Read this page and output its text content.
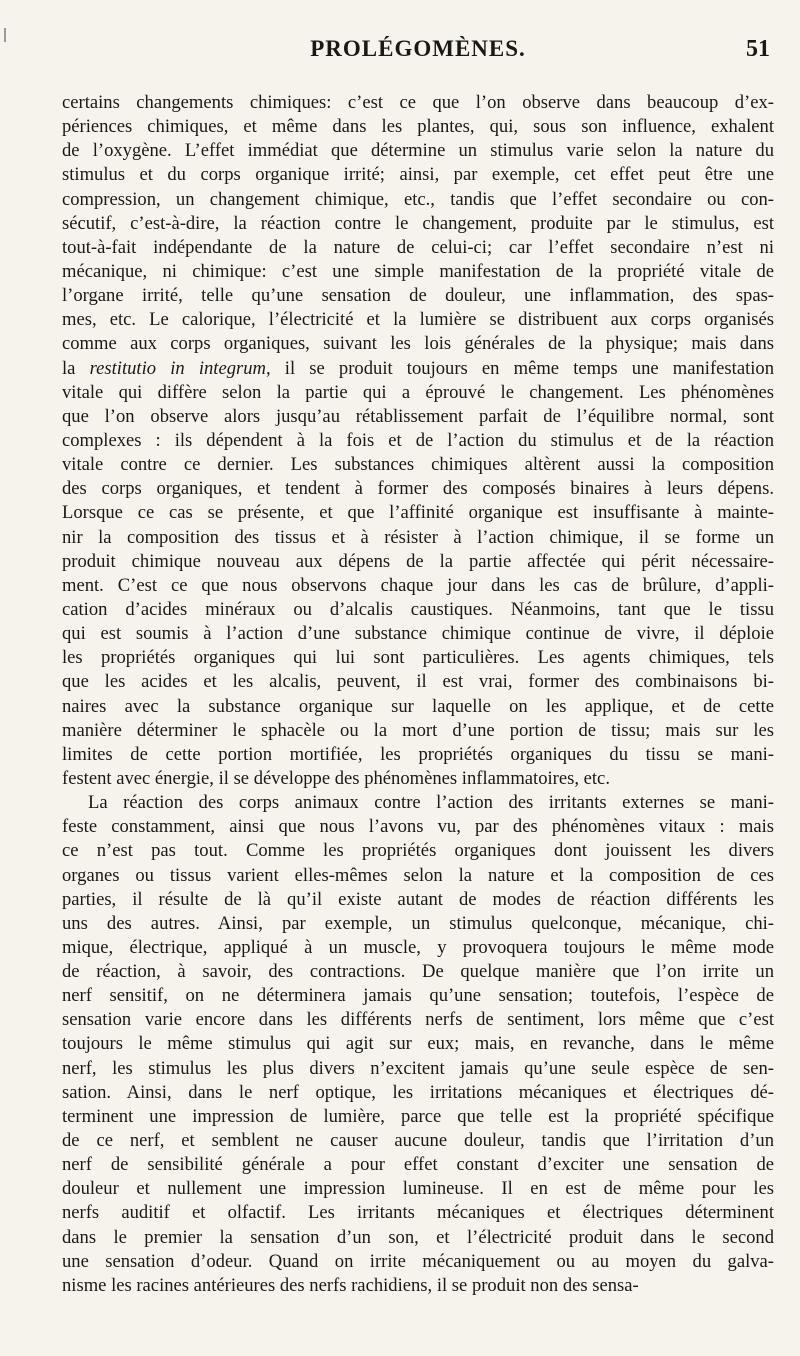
PROLÉGOMÈNES.	51
certains changements chimiques: c’est ce que l’on observe dans beaucoup d’ex-
périences chimiques, et même dans les plantes, qui, sous son influence, exhalent
de l’oxygène. L’effet immédiat que détermine un stimulus varie selon la nature du
stimulus et du corps organique irrité; ainsi, par exemple, cet effet peut être une
compression, un changement chimique, etc., tandis que l’effet secondaire ou con-
sécutif, c’est-à-dire, la réaction contre le changement, produite par le stimulus, est
tout-à-fait indépendante de la nature de celui-ci; car l’effet secondaire n’est ni
mécanique, ni chimique: c’est une simple manifestation de la propriété vitale de
l’organe irrité, telle qu’une sensation de douleur, une inflammation, des spas-
mes, etc. Le calorique, l’électricité et la lumière se distribuent aux corps organisés
comme aux corps organiques, suivant les lois générales de la physique; mais dans
la restitutio in integrum, il se produit toujours en même temps une manifestation
vitale qui diffère selon la partie qui a éprouvé le changement. Les phénomènes
que l’on observe alors jusqu’au rétablissement parfait de l’équilibre normal, sont
complexes : ils dépendent à la fois et de l’action du stimulus et de la réaction
vitale contre ce dernier. Les substances chimiques altèrent aussi la composition
des corps organiques, et tendent à former des composés binaires à leurs dépens.
Lorsque ce cas se présente, et que l’affinité organique est insuffisante à mainte-
nir la composition des tissus et à résister à l’action chimique, il se forme un
produit chimique nouveau aux dépens de la partie affectée qui périt nécessaire-
ment. C’est ce que nous observons chaque jour dans les cas de brûlure, d’appli-
cation d’acides minéraux ou d’alcalis caustiques. Néanmoins, tant que le tissu
qui est soumis à l’action d’une substance chimique continue de vivre, il déploie
les propriétés organiques qui lui sont particulières. Les agents chimiques, tels
que les acides et les alcalis, peuvent, il est vrai, former des combinaisons bi-
naires avec la substance organique sur laquelle on les applique, et de cette
manière déterminer le sphacèle ou la mort d’une portion de tissu; mais sur les
limites de cette portion mortifiée, les propriétés organiques du tissu se mani-
festent avec énergie, il se développe des phénomènes inflammatoires, etc.
La réaction des corps animaux contre l’action des irritants externes se mani-
feste constamment, ainsi que nous l’avons vu, par des phénomènes vitaux : mais
ce n’est pas tout. Comme les propriétés organiques dont jouissent les divers
organes ou tissus varient elles-mêmes selon la nature et la composition de ces
parties, il résulte de là qu’il existe autant de modes de réaction différents les
uns des autres. Ainsi, par exemple, un stimulus quelconque, mécanique, chi-
mique, électrique, appliqué à un muscle, y provoquera toujours le même mode
de réaction, à savoir, des contractions. De quelque manière que l’on irrite un
nerf sensitif, on ne déterminera jamais qu’une sensation; toutefois, l’espèce de
sensation varie encore dans les différents nerfs de sentiment, lors même que c’est
toujours le même stimulus qui agit sur eux; mais, en revanche, dans le même
nerf, les stimulus les plus divers n’excitent jamais qu’une seule espèce de sen-
sation. Ainsi, dans le nerf optique, les irritations mécaniques et électriques dé-
terminent une impression de lumière, parce que telle est la propriété spécifique
de ce nerf, et semblent ne causer aucune douleur, tandis que l’irritation d’un
nerf de sensibilité générale a pour effet constant d’exciter une sensation de
douleur et nullement une impression lumineuse. Il en est de même pour les
nerfs auditif et olfactif. Les irritants mécaniques et électriques déterminent
dans le premier la sensation d’un son, et l’électricité produit dans le second
une sensation d’odeur. Quand on irrite mécaniquement ou au moyen du galva-
nisme les racines antérieures des nerfs rachidiens, il se produit non des sensa-
